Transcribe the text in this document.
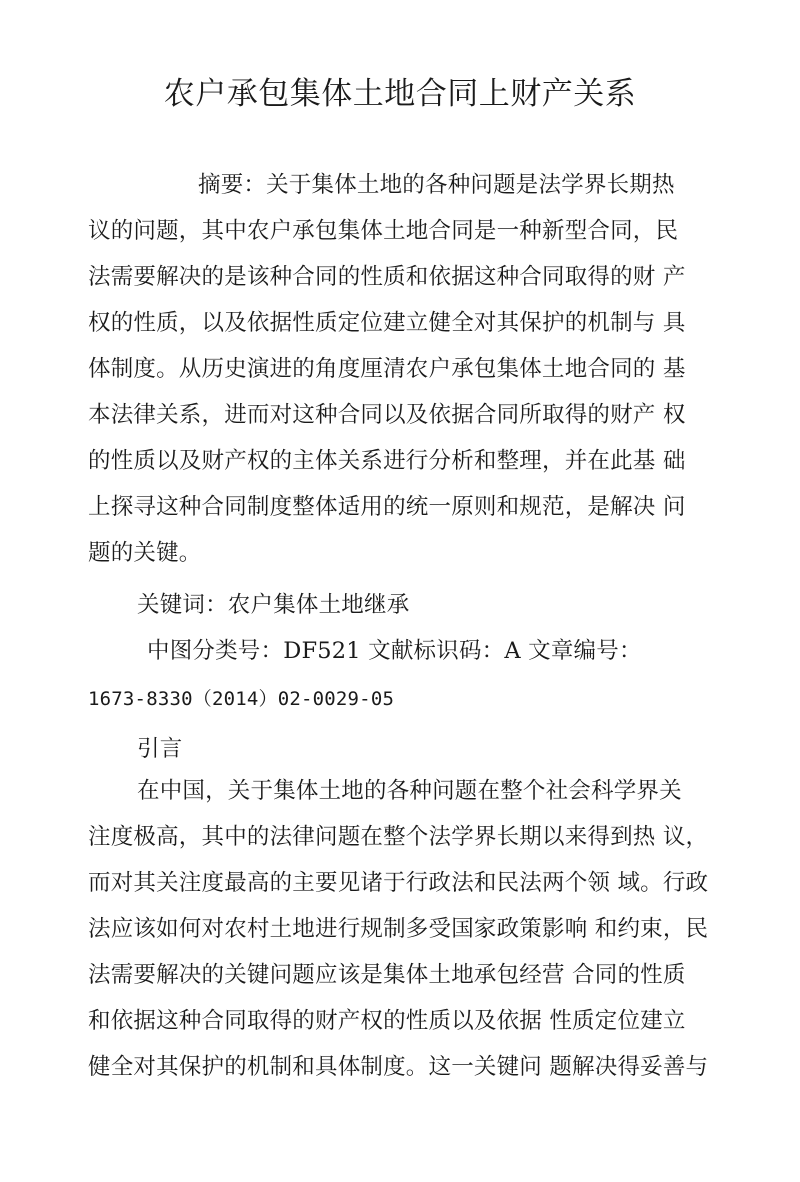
农户承包集体土地合同上财产关系
摘要：关于集体土地的各种问题是法学界长期热
议的问题，其中农户承包集体土地合同是一种新型合同，民
法需要解决的是该种合同的性质和依据这种合同取得的财 产
权的性质，以及依据性质定位建立健全对其保护的机制与 具
体制度。从历史演进的角度厘清农户承包集体土地合同的 基
本法律关系，进而对这种合同以及依据合同所取得的财产 权
的性质以及财产权的主体关系进行分析和整理，并在此基 础
上探寻这种合同制度整体适用的统一原则和规范，是解决 问
题的关键。
关键词：农户集体土地继承
中图分类号：DF521 文献标识码：A 文章编号：
1673-8330（2014）02-0029-05
引言
在中国，关于集体土地的各种问题在整个社会科学界关
注度极高，其中的法律问题在整个法学界长期以来得到热 议，
而对其关注度最高的主要见诸于行政法和民法两个领 域。行政
法应该如何对农村土地进行规制多受国家政策影响 和约束，民
法需要解决的关键问题应该是集体土地承包经营 合同的性质
和依据这种合同取得的财产权的性质以及依据 性质定位建立
健全对其保护的机制和具体制度。这一关键问 题解决得妥善与
